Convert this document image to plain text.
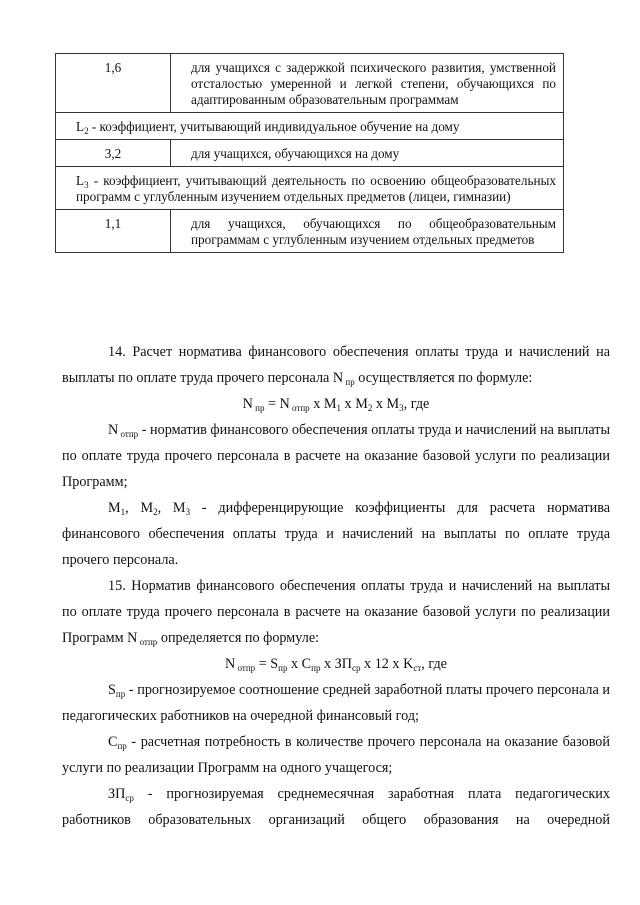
1,6	для учащихся с задержкой психического развития, умственной отсталостью умеренной и легкой степени, обучающихся по адаптированным образовательным программам
$L_2$ - коэффициент, учитывающий индивидуальное обучение на дому	
3,2	для учащихся, обучающихся на дому
$L_3$ - коэффициент, учитывающий деятельность по освоению общеобразовательных программ с углубленным изучением отдельных предметов (лицеи, гимназии)	
1,1	для учащихся, обучающихся по общеобразовательным программам с углубленным изучением отдельных предметов

14. Расчет норматива финансового обеспечения оплаты труда и начислений на выплаты по оплате труда прочего персонала N $_{пр}$ осуществляется по формуле:

N $_{пр}$ = N $_{отпр}$ х $M_1$ х $M_2$ х $M_3$, где

N $_{отпр}$ - норматив финансового обеспечения оплаты труда и начислений на выплаты по оплате труда прочего персонала в расчете на оказание базовой услуги по реализации Программ;

$M_1$, $M_2$, $M_3$ - дифференцирующие коэффициенты для расчета норматива финансового обеспечения оплаты труда и начислений на выплаты по оплате труда прочего персонала.

15. Норматив финансового обеспечения оплаты труда и начислений на выплаты по оплате труда прочего персонала в расчете на оказание базовой услуги по реализации Программ N $_{отпр}$ определяется по формуле:

N $_{отпр} = S_{пр}$ х $C_{пр}$ х $ЗП_{ср}$ х 12 х $K_{ст}$, где

$S_{пр}$ - прогнозируемое соотношение средней заработной платы прочего персонала и педагогических работников на очередной финансовый год;

$C_{пр}$ - расчетная потребность в количестве прочего персонала на оказание базовой услуги по реализации Программ на одного учащегося;

$ЗП_{ср}$ - прогнозируемая среднемесячная заработная плата педагогических работников образовательных организаций общего образования на очередной
